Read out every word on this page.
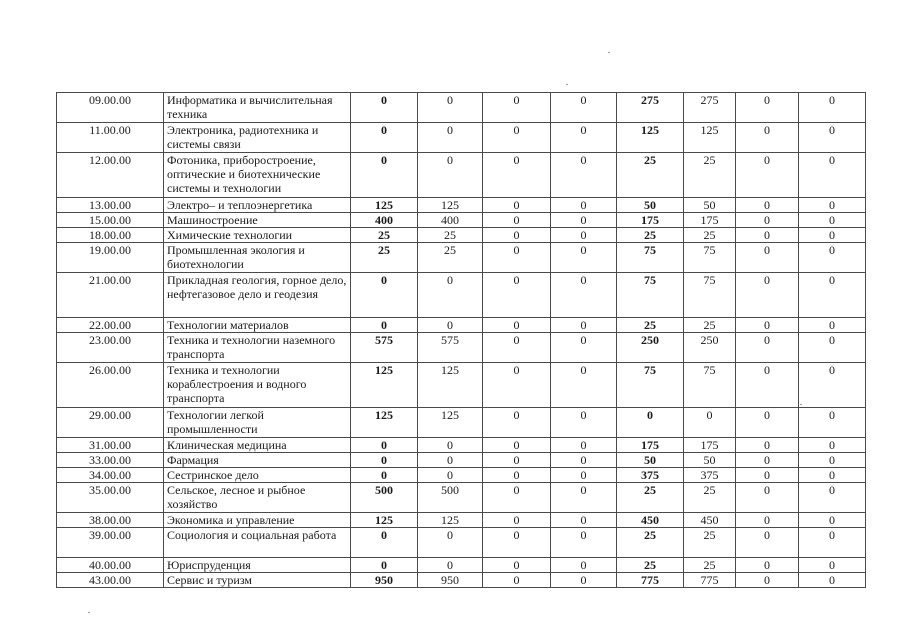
09.00.00	Информатика и вычислительная техника	0	0	0	0	275	275	0	0
11.00.00	Электроника, радиотехника и системы связи	0	0	0	0	125	125	0	0
12.00.00	Фотоника, приборостроение, оптические и биотехнические системы и технологии	0	0	0	0	25	25	0	0
13.00.00	Электро– и теплоэнергетика	125	125	0	0	50	50	0	0
15.00.00	Машиностроение	400	400	0	0	175	175	0	0
18.00.00	Химические технологии	25	25	0	0	25	25	0	0
19.00.00	Промышленная экология и биотехнологии	25	25	0	0	75	75	0	0
21.00.00	Прикладная геология, горное дело, нефтегазовое дело и геодезия	0	0	0	0	75	75	0	0
22.00.00	Технологии материалов	0	0	0	0	25	25	0	0
23.00.00	Техника и технологии наземного транспорта	575	575	0	0	250	250	0	0
26.00.00	Техника и технологии кораблестроения и водного транспорта	125	125	0	0	75	75	0	0
29.00.00	Технологии легкой промышленности	125	125	0	0	0	0	0	0
31.00.00	Клиническая медицина	0	0	0	0	175	175	0	0
33.00.00	Фармация	0	0	0	0	50	50	0	0
34.00.00	Сестринское дело	0	0	0	0	375	375	0	0
35.00.00	Сельское, лесное и рыбное хозяйство	500	500	0	0	25	25	0	0
38.00.00	Экономика и управление	125	125	0	0	450	450	0	0
39.00.00	Социология и социальная работа	0	0	0	0	25	25	0	0
40.00.00	Юриспруденция	0	0	0	0	25	25	0	0
43.00.00	Сервис и туризм	950	950	0	0	775	775	0	0
